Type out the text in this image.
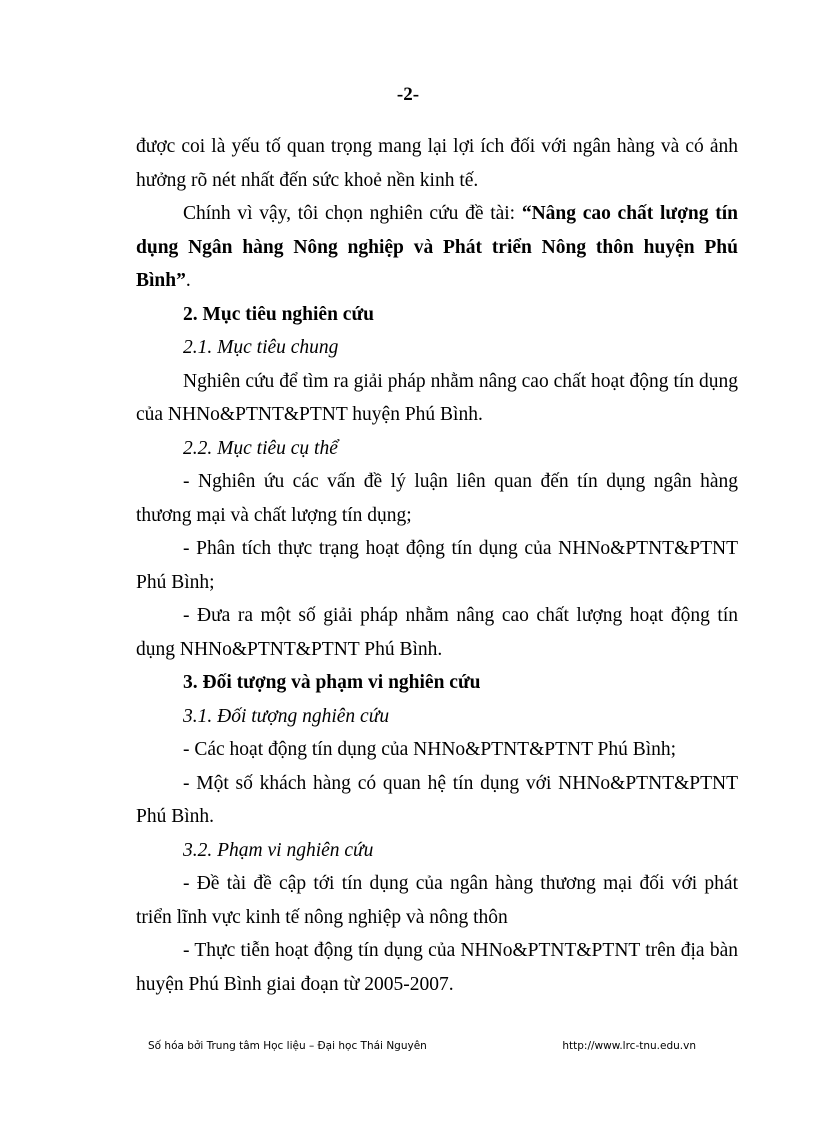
-2-

được coi là yếu tố quan trọng mang lại lợi ích đối với ngân hàng và có ảnh hưởng rõ nét nhất đến sức khoẻ nền kinh tế.

Chính vì vậy, tôi chọn nghiên cứu đề tài: “Nâng cao chất lượng tín dụng Ngân hàng Nông nghiệp và Phát triển Nông thôn huyện Phú Bình”.

2. Mục tiêu nghiên cứu

2.1. Mục tiêu chung

Nghiên cứu để tìm ra giải pháp nhằm nâng cao chất hoạt động tín dụng của NHNo&PTNT&PTNT huyện Phú Bình.

2.2. Mục tiêu cụ thể

- Nghiên ứu các vấn đề lý luận liên quan đến tín dụng ngân hàng thương mại và chất lượng tín dụng;

- Phân tích thực trạng hoạt động tín dụng của NHNo&PTNT&PTNT Phú Bình;

- Đưa ra một số giải pháp nhằm nâng cao chất lượng hoạt động tín dụng NHNo&PTNT&PTNT Phú Bình.

3. Đối tượng và phạm vi nghiên cứu

3.1. Đối tượng nghiên cứu

- Các hoạt động tín dụng của NHNo&PTNT&PTNT Phú Bình;

- Một số khách hàng có quan hệ tín dụng với NHNo&PTNT&PTNT Phú Bình.

3.2. Phạm vi nghiên cứu

- Đề tài đề cập tới tín dụng của ngân hàng thương mại đối với phát triển lĩnh vực kinh tế nông nghiệp và nông thôn

- Thực tiễn hoạt động tín dụng của NHNo&PTNT&PTNT trên địa bàn huyện Phú Bình giai đoạn từ 2005-2007.

Số hóa bởi Trung tâm Học liệu – Đại học Thái Nguyên	http://www.lrc-tnu.edu.vn
